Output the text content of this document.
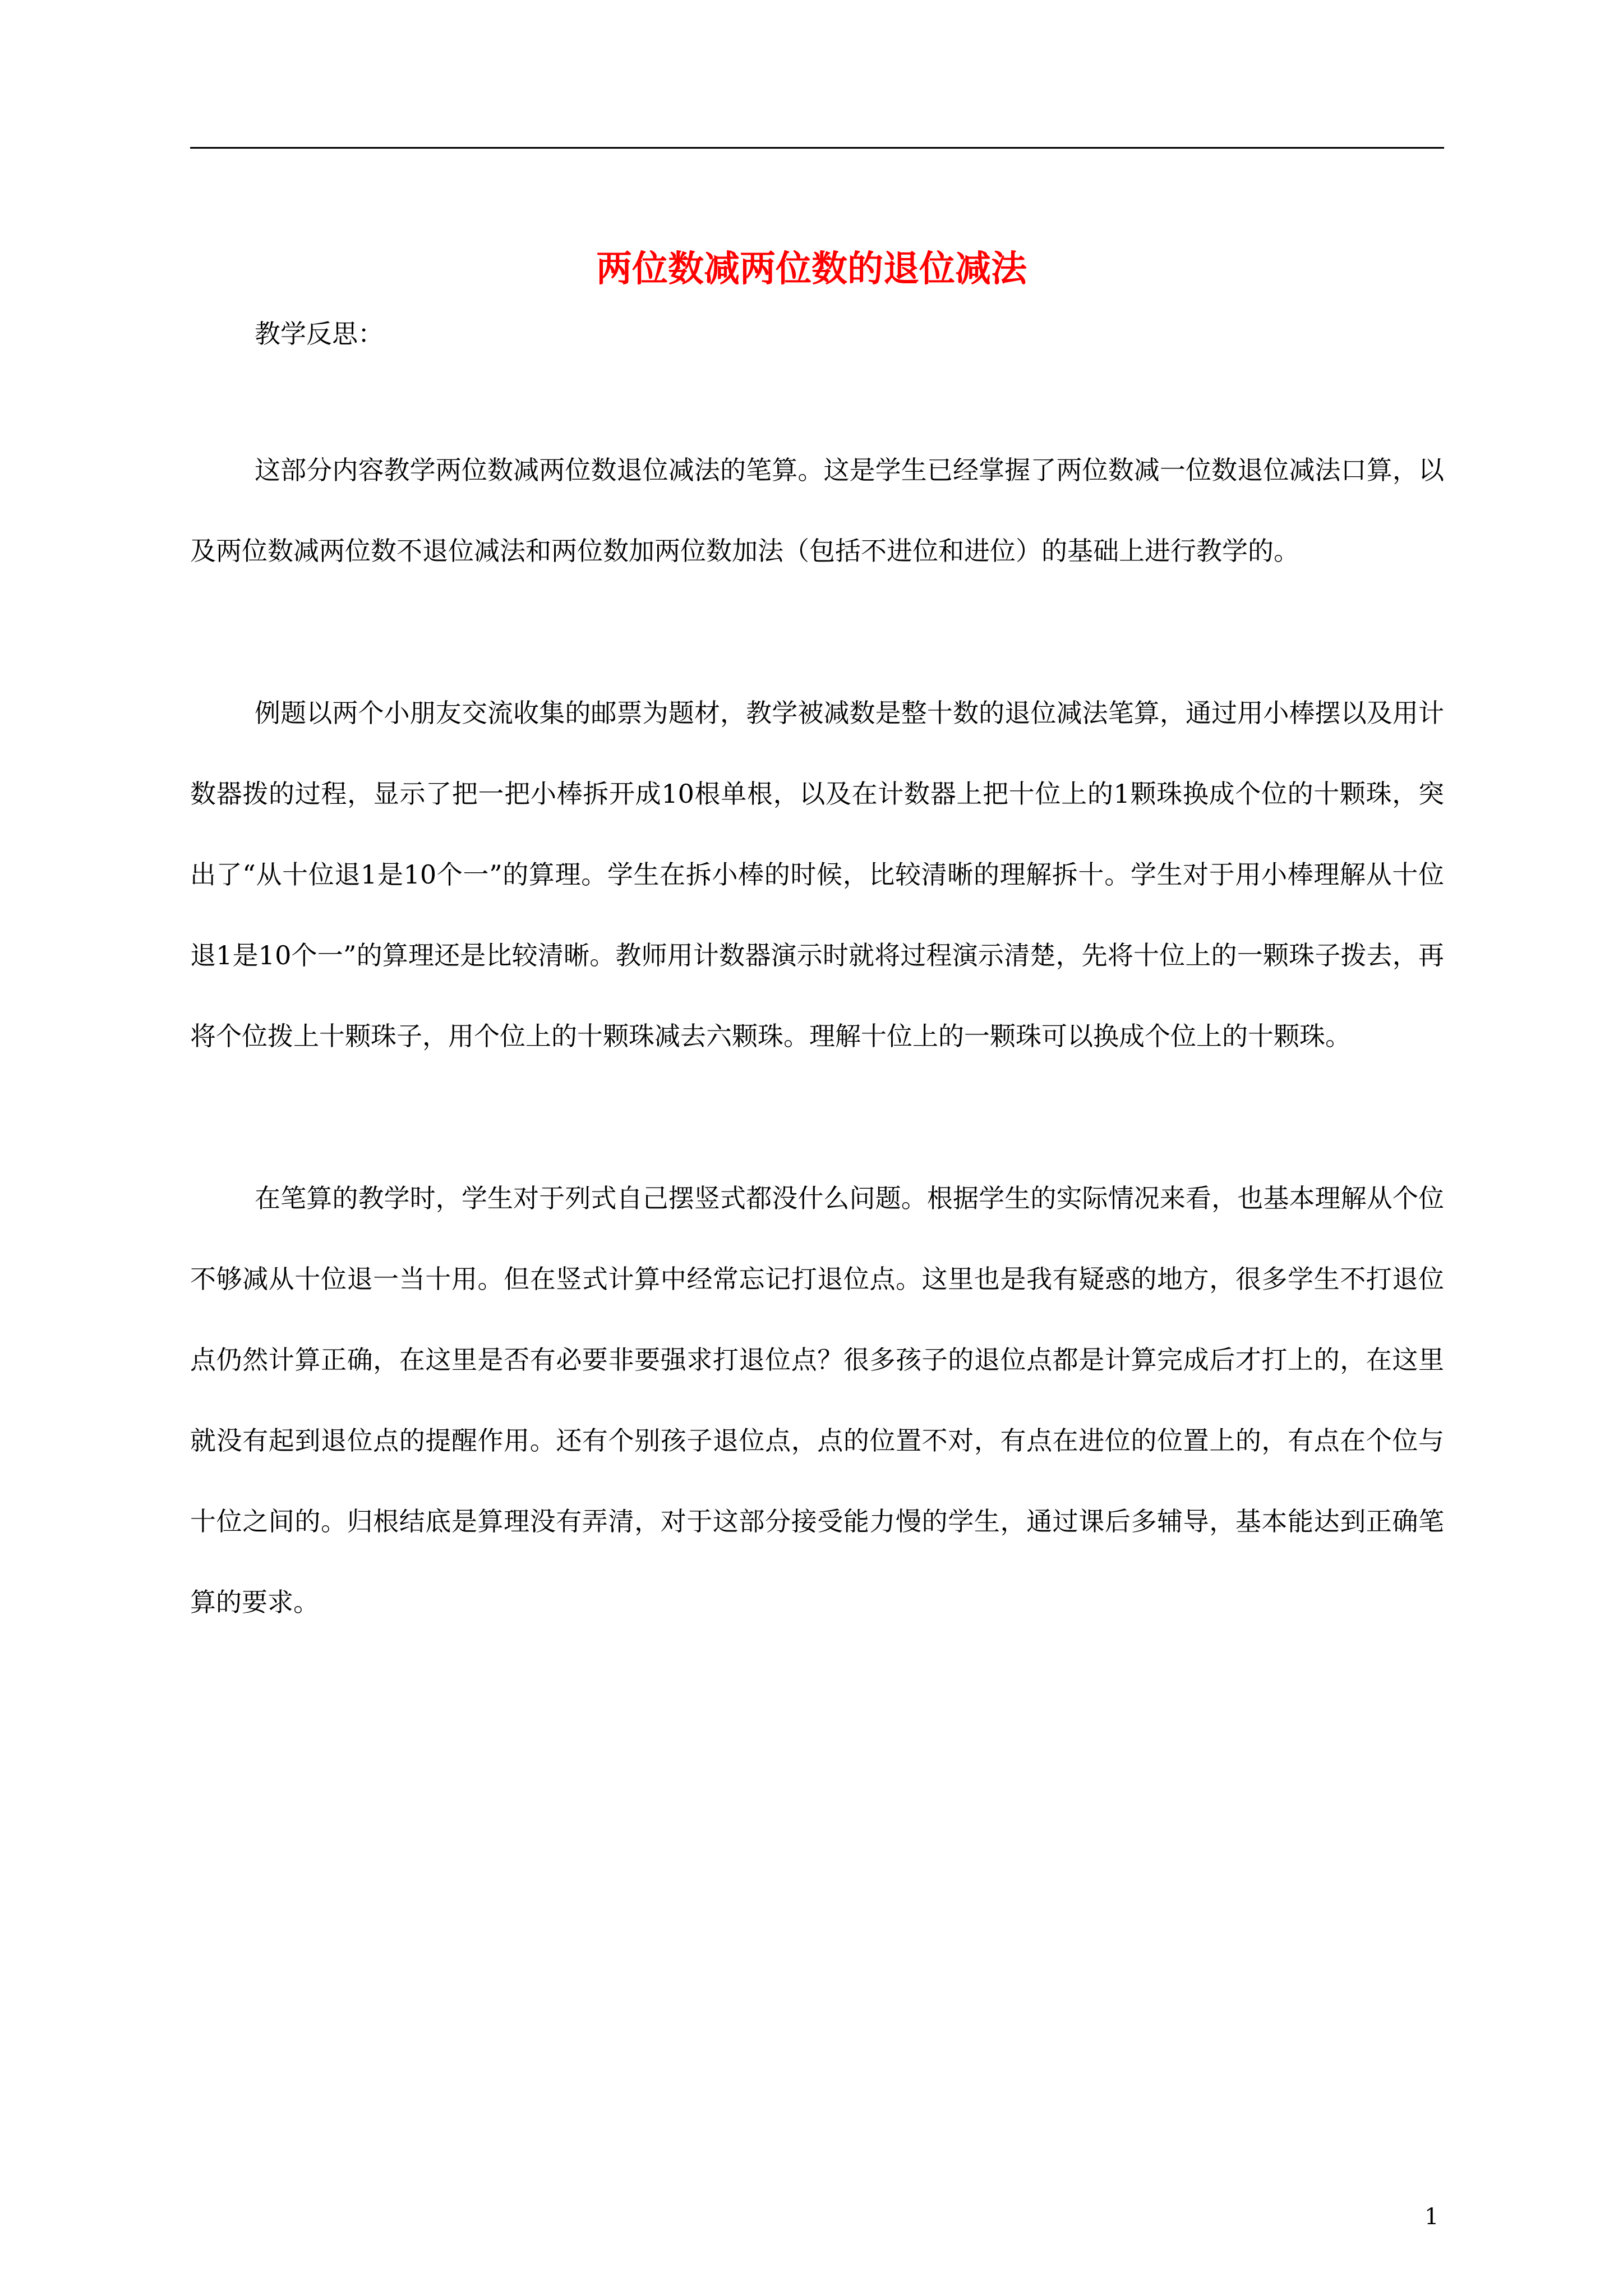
两位数减两位数的退位减法

教学反思：

这部分内容教学两位数减两位数退位减法的笔算。这是学生已经掌握了两位数减一位数退位减法口算，以及两位数减两位数不退位减法和两位数加两位数加法（包括不进位和进位）的基础上进行教学的。

例题以两个小朋友交流收集的邮票为题材，教学被减数是整十数的退位减法笔算，通过用小棒摆以及用计数器拨的过程，显示了把一把小棒拆开成10根单根，以及在计数器上把十位上的1颗珠换成个位的十颗珠，突出了“从十位退1是10个一”的算理。学生在拆小棒的时候，比较清晰的理解拆十。学生对于用小棒理解从十位退1是10个一”的算理还是比较清晰。教师用计数器演示时就将过程演示清楚，先将十位上的一颗珠子拨去，再将个位拨上十颗珠子，用个位上的十颗珠减去六颗珠。理解十位上的一颗珠可以换成个位上的十颗珠。

在笔算的教学时，学生对于列式自己摆竖式都没什么问题。根据学生的实际情况来看，也基本理解从个位不够减从十位退一当十用。但在竖式计算中经常忘记打退位点。这里也是我有疑惑的地方，很多学生不打退位点仍然计算正确，在这里是否有必要非要强求打退位点？很多孩子的退位点都是计算完成后才打上的，在这里就没有起到退位点的提醒作用。还有个别孩子退位点，点的位置不对，有点在进位的位置上的，有点在个位与十位之间的。归根结底是算理没有弄清，对于这部分接受能力慢的学生，通过课后多辅导，基本能达到正确笔算的要求。

1
